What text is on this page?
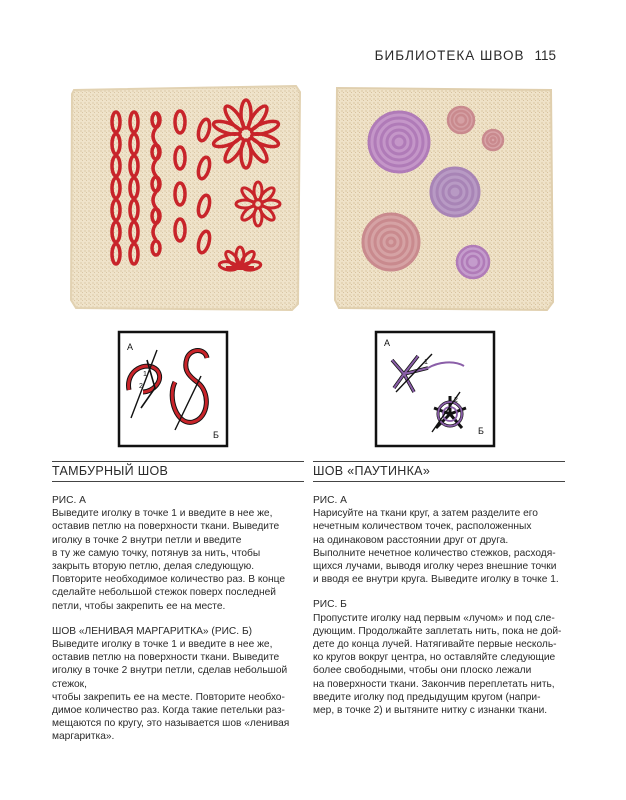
БИБЛИОТЕКА ШВОВ 115
А
Б
1
2
А
Б
1
2
ТАМБУРНЫЙ ШОВ
РИС. А

Выведите иголку в точке 1 и введите в нее же,
оставив петлю на поверхности ткани. Выведите
иголку в точке 2 внутри петли и введите
в ту же самую точку, потянув за нить, чтобы
закрыть вторую петлю, делая следующую.
Повторите необходимое количество раз. В конце
сделайте небольшой стежок поверх последней
петли, чтобы закрепить ее на месте.

ШОВ «ЛЕНИВАЯ МАРГАРИТКА» (РИС. Б)

Выведите иголку в точке 1 и введите в нее же,
оставив петлю на поверхности ткани. Выведите
иголку в точке 2 внутри петли, сделав небольшой стежок,
чтобы закрепить ее на месте. Повторите необхо-
димое количество раз. Когда такие петельки раз-
мещаются по кругу, это называется шов «ленивая
маргаритка».

ШОВ «ПАУТИНКА»
РИС. А

Нарисуйте на ткани круг, а затем разделите его
нечетным количеством точек, расположенных
на одинаковом расстоянии друг от друга.
Выполните нечетное количество стежков, расходя-
щихся лучами, выводя иголку через внешние точки
и вводя ее внутри круга. Выведите иголку в точке 1.

РИС. Б

Пропустите иголку над первым «лучом» и под сле-
дующим. Продолжайте заплетать нить, пока не дой-
дете до конца лучей. Натягивайте первые несколь-
ко кругов вокруг центра, но оставляйте следующие
более свободными, чтобы они плоско лежали
на поверхности ткани. Закончив переплетать нить,
введите иголку под предыдущим кругом (напри-
мер, в точке 2) и вытяните нитку с изнанки ткани.
